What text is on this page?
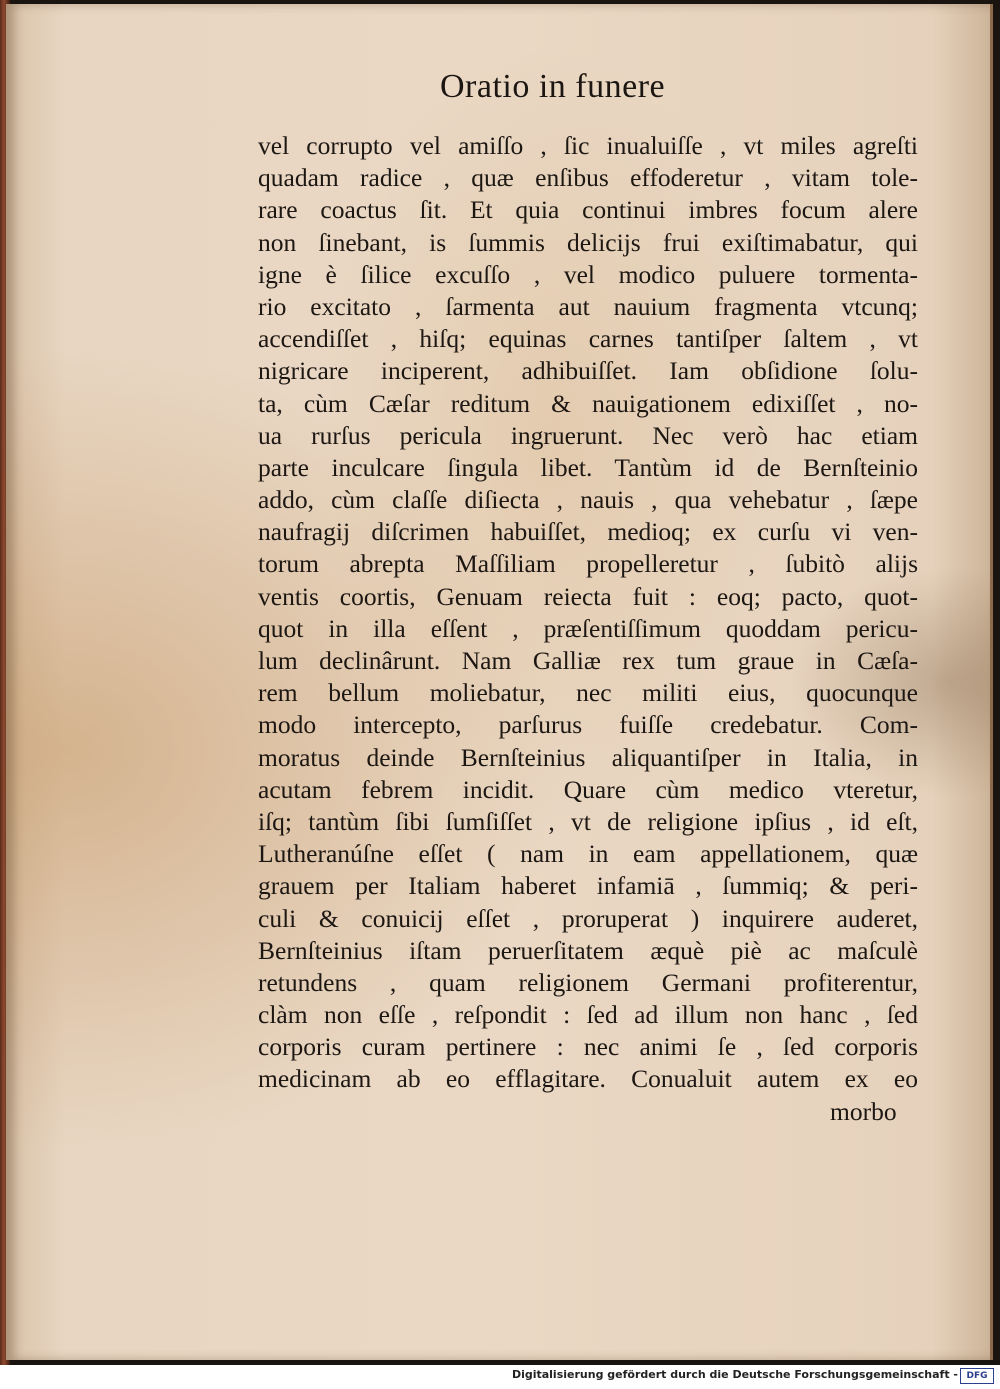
Oratio in funere
vel corrupto vel amiſſo , ſic inualuiſſe , vt miles agreſti
quadam radice , quæ enſibus effoderetur , vitam tole-
rare coactus ſit. Et quia continui imbres focum alere
non ſinebant, is ſummis delicijs frui exiſtimabatur, qui
igne è ſilice excuſſo , vel modico puluere tormenta-
rio excitato , ſarmenta aut nauium fragmenta vtcunq;
accendiſſet , hiſq; equinas carnes tantiſper ſaltem , vt
nigricare inciperent, adhibuiſſet. Iam obſidione ſolu-
ta, cùm Cæſar reditum & nauigationem edixiſſet , no-
ua rurſus pericula ingruerunt. Nec verò hac etiam
parte inculcare ſingula libet. Tantùm id de Bernſteinio
addo, cùm claſſe diſiecta , nauis , qua vehebatur , ſæpe
naufragij diſcrimen habuiſſet, medioq; ex curſu vi ven-
torum abrepta Maſſiliam propelleretur , ſubitò alijs
ventis coortis, Genuam reiecta fuit : eoq; pacto, quot-
quot in illa eſſent , præſentiſſimum quoddam pericu-
lum declinârunt. Nam Galliæ rex tum graue in Cæſa-
rem bellum moliebatur, nec militi eius, quocunque
modo intercepto, parſurus fuiſſe credebatur. Com-
moratus deinde Bernſteinius aliquantiſper in Italia, in
acutam febrem incidit. Quare cùm medico vteretur,
iſq; tantùm ſibi ſumſiſſet , vt de religione ipſius , id eſt,
Lutheranúſne eſſet ( nam in eam appellationem, quæ
grauem per Italiam haberet infamiā , ſummiq; & peri-
culi & conuicij eſſet , proruperat ) inquirere auderet,
Bernſteinius iſtam peruerſitatem æquè piè ac maſculè
retundens , quam religionem Germani profiterentur,
clàm non eſſe , reſpondit : ſed ad illum non hanc , ſed
corporis curam pertinere : nec animi ſe , ſed corporis
medicinam ab eo efflagitare. Conualuit autem ex eo
morbo
Digitalisierung gefördert durch die Deutsche Forschungsgemeinschaft - DFG
